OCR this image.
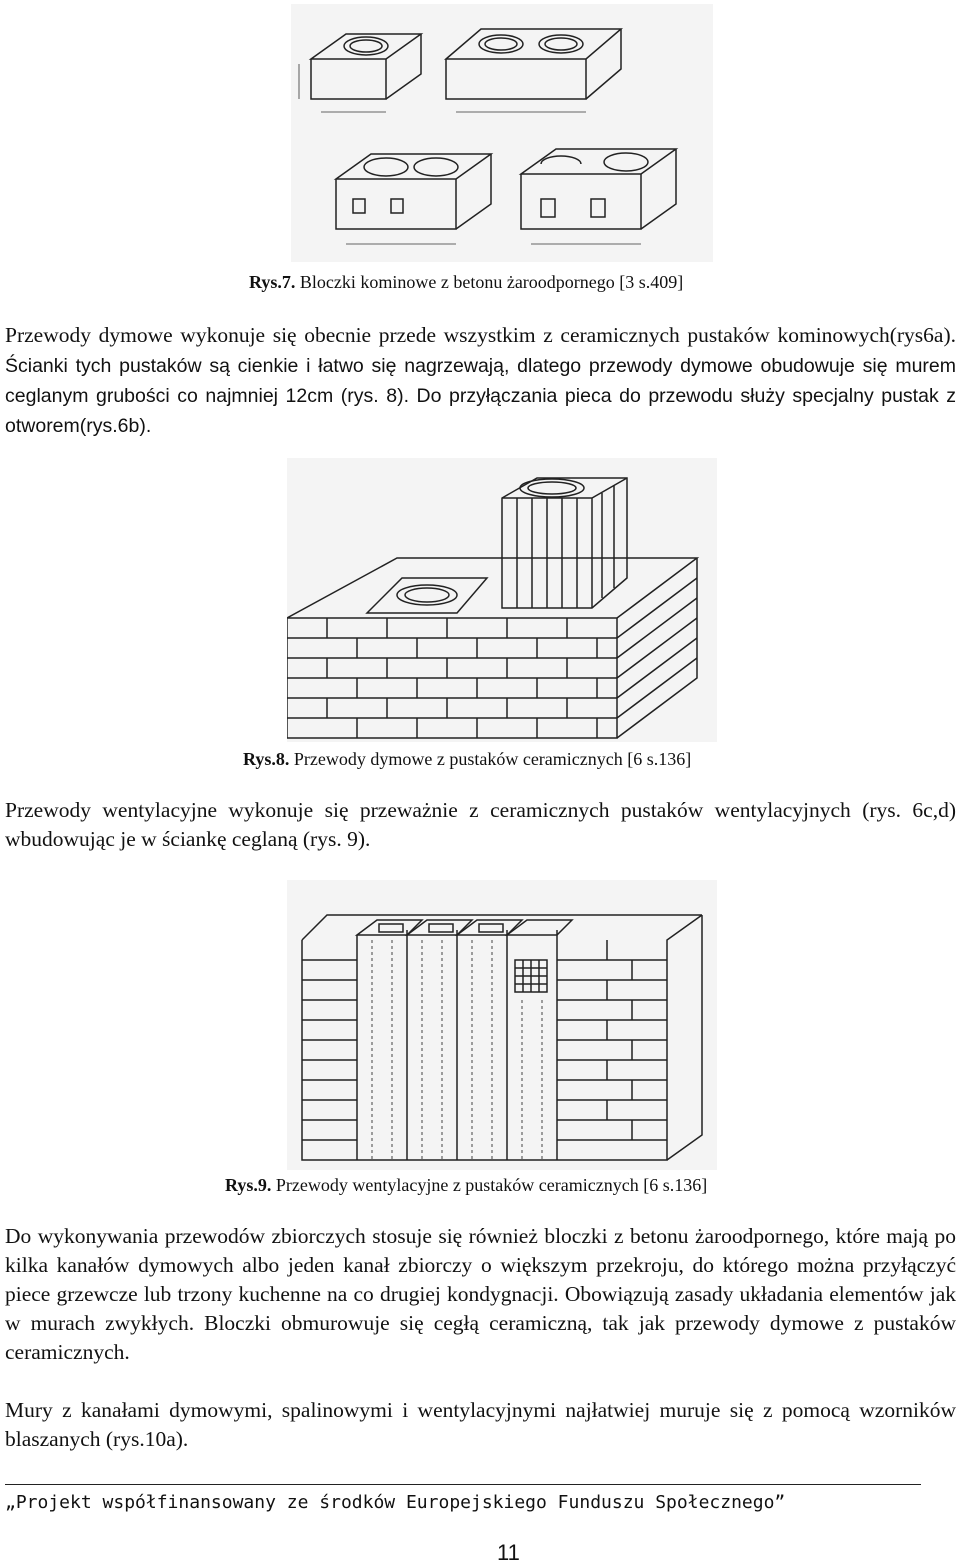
Rys.7. Bloczki kominowe z betonu żaroodpornego [3 s.409]
Przewody dymowe wykonuje się obecnie przede wszystkim z ceramicznych pustaków kominowych(rys6a). Ścianki tych pustaków są cienkie i łatwo się nagrzewają, dlatego przewody dymowe obudowuje się murem ceglanym grubości co najmniej 12cm (rys. 8). Do przyłączania pieca do przewodu służy specjalny pustak z otworem(rys.6b).
Rys.8. Przewody dymowe z pustaków ceramicznych [6 s.136]
Przewody wentylacyjne wykonuje się przeważnie z ceramicznych pustaków wentylacyjnych (rys. 6c,d) wbudowując je w ściankę ceglaną (rys. 9).
Rys.9. Przewody wentylacyjne z pustaków ceramicznych [6 s.136]
Do wykonywania przewodów zbiorczych stosuje się również bloczki z betonu żaroodpornego, które mają po kilka kanałów dymowych albo jeden kanał zbiorczy o większym przekroju, do którego można przyłączyć piece grzewcze lub trzony kuchenne na co drugiej kondygnacji. Obowiązują zasady układania elementów jak w murach zwykłych. Bloczki obmurowuje się cegłą ceramiczną, tak jak przewody dymowe z pustaków ceramicznych.
Mury z kanałami dymowymi, spalinowymi i wentylacyjnymi najłatwiej muruje się z pomocą wzorników blaszanych (rys.10a).
„Projekt współfinansowany ze środków Europejskiego Funduszu Społecznego”
11
